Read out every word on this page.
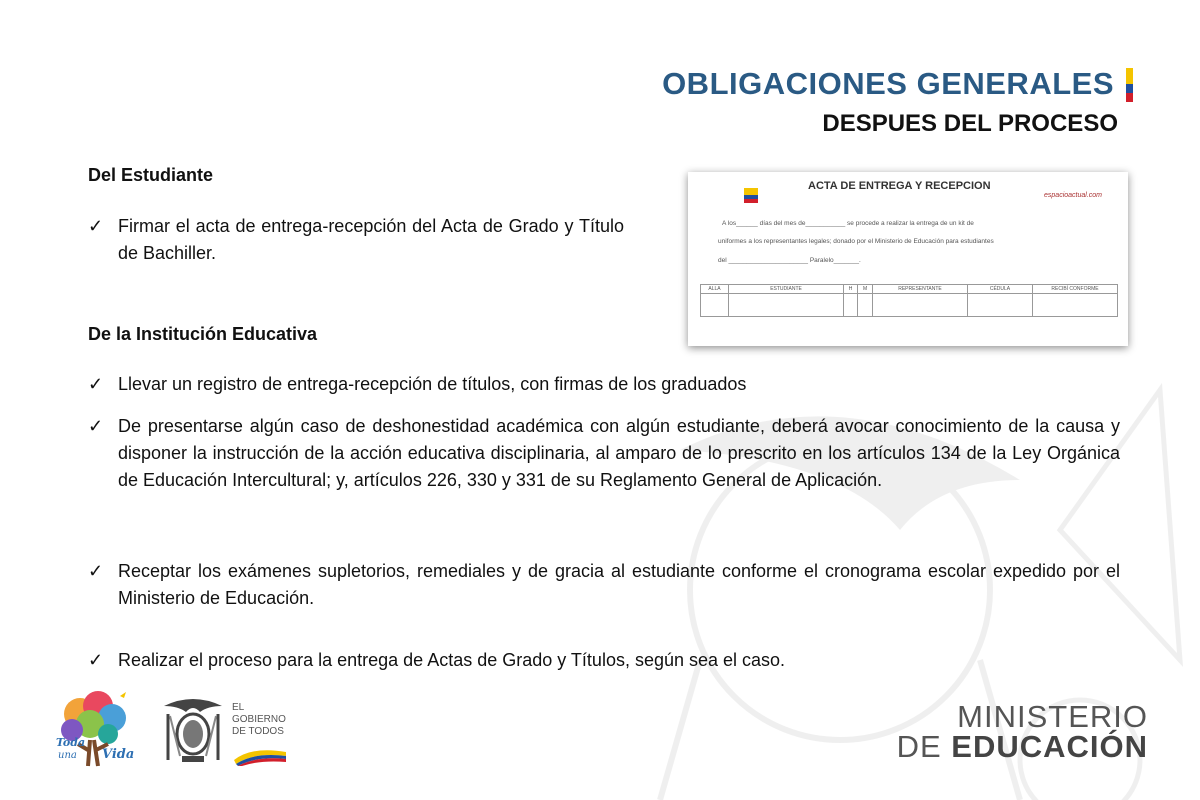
OBLIGACIONES GENERALES
DESPUES DEL PROCESO
Del Estudiante
✓ Firmar el acta de entrega-recepción del Acta de Grado y Título de Bachiller.
ACTA DE ENTREGA Y RECEPCION
espacioactual.com
A los______ días del mes de___________ se procede a realizar la entrega de un kit de
uniformes a los representantes legales; donado por el Ministerio de Educación para estudiantes
del ______________________ Paralelo_______.
ALLA	ESTUDIANTE	H	M	REPRESENTANTE	CÉDULA	RECIBÍ CONFORME

De la Institución Educativa
✓ Llevar un registro de entrega-recepción de títulos, con firmas de los graduados
✓ De presentarse algún caso de deshonestidad académica con algún estudiante, deberá avocar conocimiento de la causa y disponer la instrucción de la acción educativa disciplinaria, al amparo de lo prescrito en los artículos 134 de la Ley Orgánica de Educación Intercultural; y, artículos 226, 330 y 331 de su Reglamento General de Aplicación.
✓ Receptar los exámenes supletorios, remediales y de gracia al estudiante conforme el cronograma escolar expedido por el Ministerio de Educación.
✓ Realizar el proceso para la entrega de Actas de Grado y Títulos, según sea el caso.
Toda
una Vida
EL
GOBIERNO
DE TODOS	MINISTERIO
DE EDUCACIÓN
